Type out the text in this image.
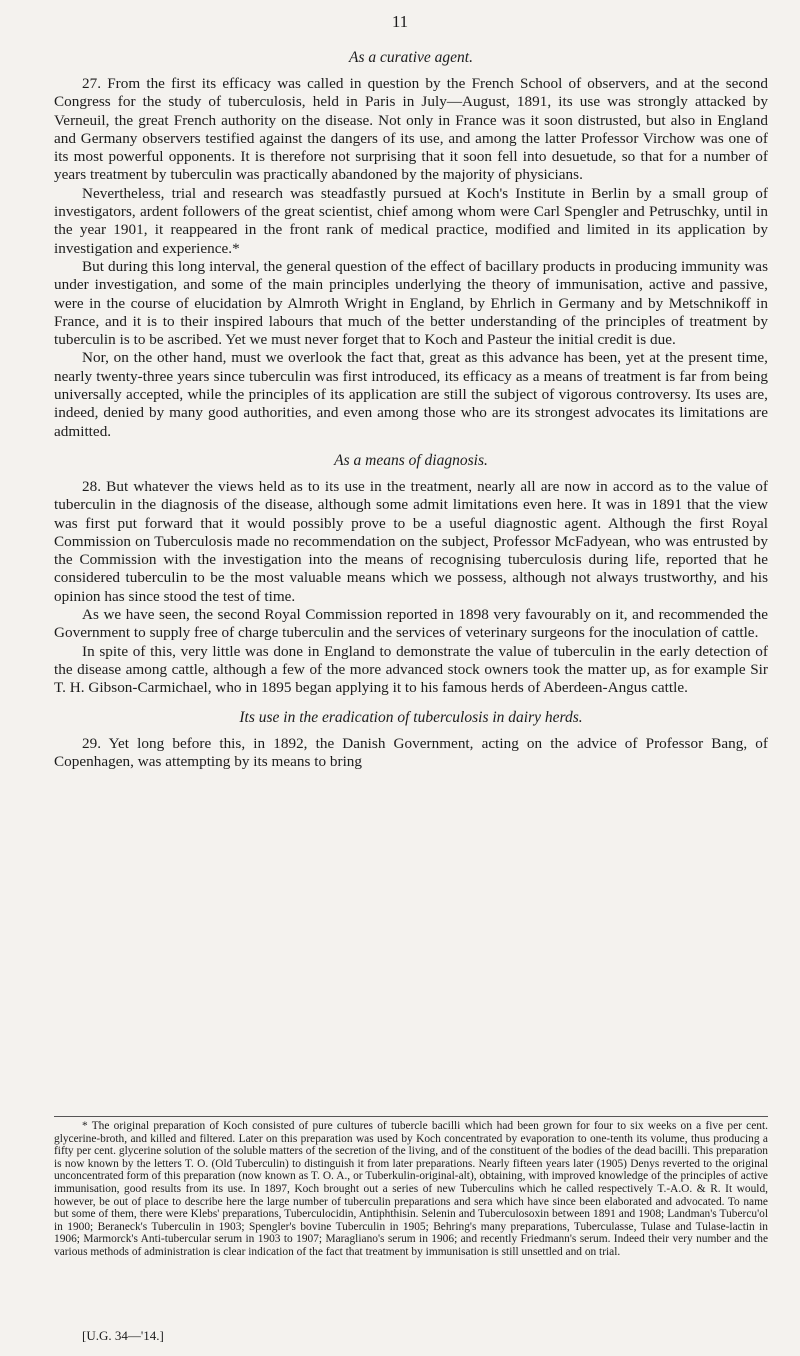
11
As a curative agent.

27. From the first its efficacy was called in question by the French School of observers, and at the second Congress for the study of tuberculosis, held in Paris in July—August, 1891, its use was strongly attacked by Verneuil, the great French authority on the disease. Not only in France was it soon distrusted, but also in England and Germany observers testified against the dangers of its use, and among the latter Professor Virchow was one of its most powerful opponents. It is therefore not surprising that it soon fell into desuetude, so that for a number of years treatment by tuberculin was practically abandoned by the majority of physicians.

Nevertheless, trial and research was steadfastly pursued at Koch's Institute in Berlin by a small group of investigators, ardent followers of the great scientist, chief among whom were Carl Spengler and Petruschky, until in the year 1901, it reappeared in the front rank of medical practice, modified and limited in its application by investigation and experience.*

But during this long interval, the general question of the effect of bacillary products in producing immunity was under investigation, and some of the main principles underlying the theory of immunisation, active and passive, were in the course of elucidation by Almroth Wright in England, by Ehrlich in Germany and by Metschnikoff in France, and it is to their inspired labours that much of the better understanding of the principles of treatment by tuberculin is to be ascribed. Yet we must never forget that to Koch and Pasteur the initial credit is due.

Nor, on the other hand, must we overlook the fact that, great as this advance has been, yet at the present time, nearly twenty-three years since tuberculin was first introduced, its efficacy as a means of treatment is far from being universally accepted, while the principles of its application are still the subject of vigorous controversy. Its uses are, indeed, denied by many good authorities, and even among those who are its strongest advocates its limitations are admitted.

As a means of diagnosis.

28. But whatever the views held as to its use in the treatment, nearly all are now in accord as to the value of tuberculin in the diagnosis of the disease, although some admit limitations even here. It was in 1891 that the view was first put forward that it would possibly prove to be a useful diagnostic agent. Although the first Royal Commission on Tuberculosis made no recommendation on the subject, Professor McFadyean, who was entrusted by the Commission with the investigation into the means of recognising tuberculosis during life, reported that he considered tuberculin to be the most valuable means which we possess, although not always trustworthy, and his opinion has since stood the test of time.

As we have seen, the second Royal Commission reported in 1898 very favourably on it, and recommended the Government to supply free of charge tuberculin and the services of veterinary surgeons for the inoculation of cattle.

In spite of this, very little was done in England to demonstrate the value of tuberculin in the early detection of the disease among cattle, although a few of the more advanced stock owners took the matter up, as for example Sir T. H. Gibson-Carmichael, who in 1895 began applying it to his famous herds of Aberdeen-Angus cattle.

Its use in the eradication of tuberculosis in dairy herds.

29. Yet long before this, in 1892, the Danish Government, acting on the advice of Professor Bang, of Copenhagen, was attempting by its means to bring

* The original preparation of Koch consisted of pure cultures of tubercle bacilli which had been grown for four to six weeks on a five per cent. glycerine-broth, and killed and filtered. Later on this preparation was used by Koch concentrated by evaporation to one-tenth its volume, thus producing a fifty per cent. glycerine solution of the soluble matters of the secretion of the living, and of the constituent of the bodies of the dead bacilli. This preparation is now known by the letters T. O. (Old Tuberculin) to distinguish it from later preparations. Nearly fifteen years later (1905) Denys reverted to the original unconcentrated form of this preparation (now known as T. O. A., or Tuberkulin-original-alt), obtaining, with improved knowledge of the principles of active immunisation, good results from its use. In 1897, Koch brought out a series of new Tuberculins which he called respectively T.-A.O. & R. It would, however, be out of place to describe here the large number of tuberculin preparations and sera which have since been elaborated and advocated. To name but some of them, there were Klebs' preparations, Tuberculocidin, Antiphthisin. Selenin and Tuberculosoxin between 1891 and 1908; Landman's Tubercu'ol in 1900; Beraneck's Tuberculin in 1903; Spengler's bovine Tuberculin in 1905; Behring's many preparations, Tuberculasse, Tulase and Tulase-lactin in 1906; Marmorck's Anti-tubercular serum in 1903 to 1907; Maragliano's serum in 1906; and recently Friedmann's serum. Indeed their very number and the various methods of administration is clear indication of the fact that treatment by immunisation is still unsettled and on trial.

[U.G. 34—'14.]
